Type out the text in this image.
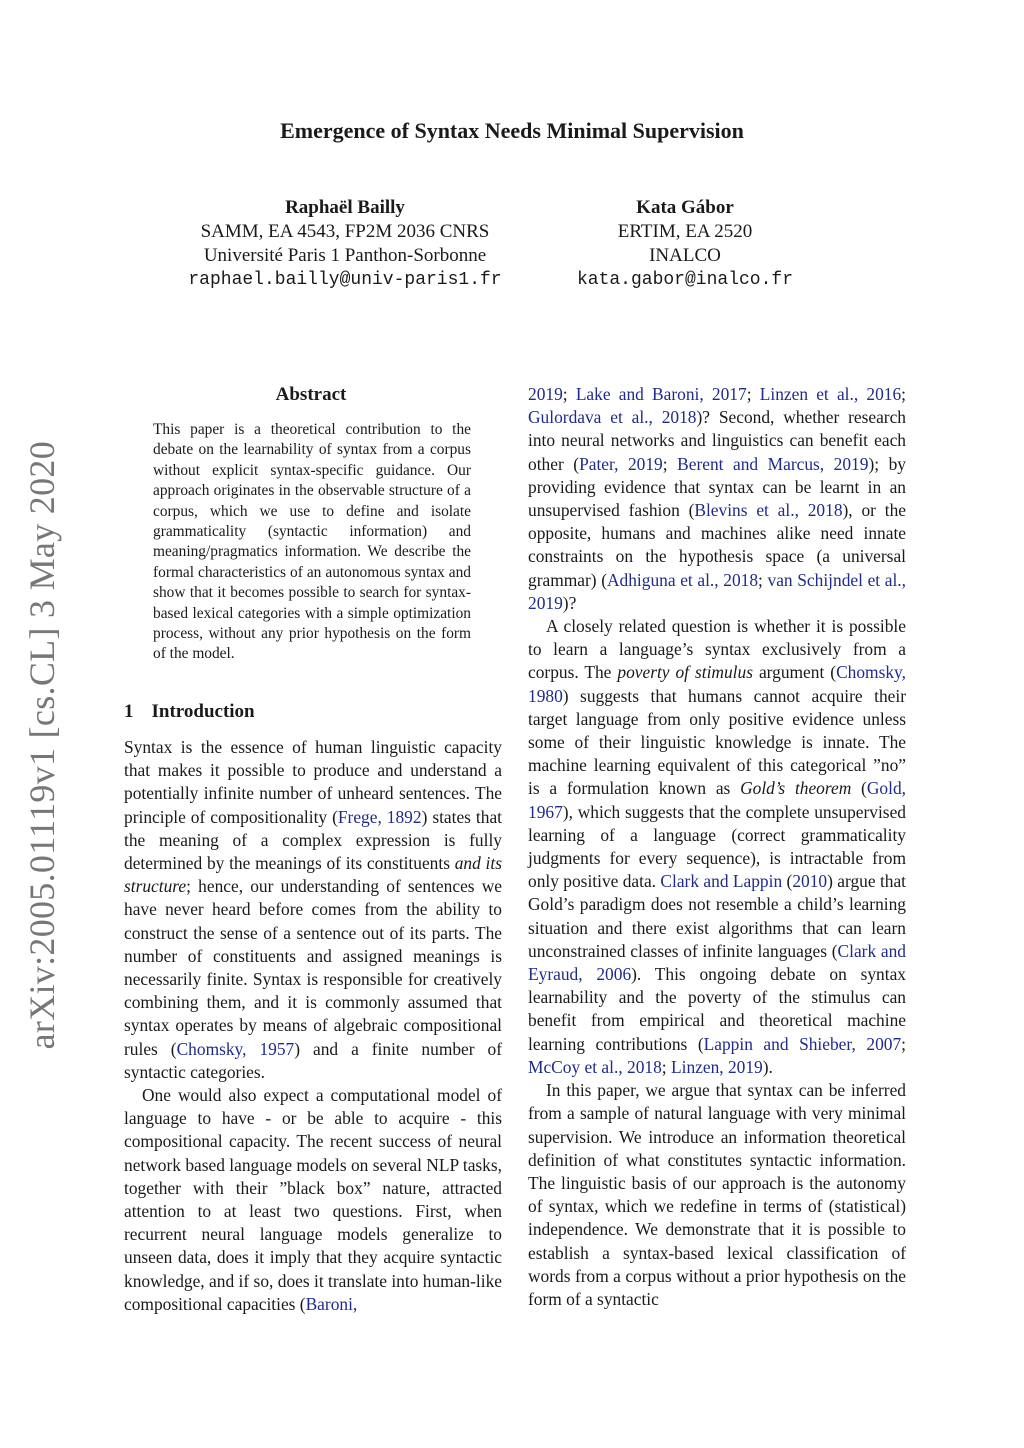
arXiv:2005.01119v1 [cs.CL] 3 May 2020
Emergence of Syntax Needs Minimal Supervision
Raphaël Bailly
SAMM, EA 4543, FP2M 2036 CNRS
Université Paris 1 Panthon-Sorbonne
raphael.bailly@univ-paris1.fr
Kata Gábor
ERTIM, EA 2520
INALCO
kata.gabor@inalco.fr
Abstract

This paper is a theoretical contribution to the debate on the learnability of syntax from a corpus without explicit syntax-specific guidance. Our approach originates in the observable structure of a corpus, which we use to define and isolate grammaticality (syntactic information) and meaning/pragmatics information. We describe the formal characteristics of an autonomous syntax and show that it becomes possible to search for syntax-based lexical categories with a simple optimization process, without any prior hypothesis on the form of the model.

1 Introduction

Syntax is the essence of human linguistic capacity that makes it possible to produce and understand a potentially infinite number of unheard sentences. The principle of compositionality (Frege, 1892) states that the meaning of a complex expression is fully determined by the meanings of its constituents and its structure; hence, our understanding of sentences we have never heard before comes from the ability to construct the sense of a sentence out of its parts. The number of constituents and assigned meanings is necessarily finite. Syntax is responsible for creatively combining them, and it is commonly assumed that syntax operates by means of algebraic compositional rules (Chomsky, 1957) and a finite number of syntactic categories.

One would also expect a computational model of language to have - or be able to acquire - this compositional capacity. The recent success of neural network based language models on several NLP tasks, together with their ”black box” nature, attracted attention to at least two questions. First, when recurrent neural language models generalize to unseen data, does it imply that they acquire syntactic knowledge, and if so, does it translate into human-like compositional capacities (Baroni,

2019; Lake and Baroni, 2017; Linzen et al., 2016; Gulordava et al., 2018)? Second, whether research into neural networks and linguistics can benefit each other (Pater, 2019; Berent and Marcus, 2019); by providing evidence that syntax can be learnt in an unsupervised fashion (Blevins et al., 2018), or the opposite, humans and machines alike need innate constraints on the hypothesis space (a universal grammar) (Adhiguna et al., 2018; van Schijndel et al., 2019)?

A closely related question is whether it is possible to learn a language’s syntax exclusively from a corpus. The poverty of stimulus argument (Chomsky, 1980) suggests that humans cannot acquire their target language from only positive evidence unless some of their linguistic knowledge is innate. The machine learning equivalent of this categorical ”no” is a formulation known as Gold’s theorem (Gold, 1967), which suggests that the complete unsupervised learning of a language (correct grammaticality judgments for every sequence), is intractable from only positive data. Clark and Lappin (2010) argue that Gold’s paradigm does not resemble a child’s learning situation and there exist algorithms that can learn unconstrained classes of infinite languages (Clark and Eyraud, 2006). This ongoing debate on syntax learnability and the poverty of the stimulus can benefit from empirical and theoretical machine learning contributions (Lappin and Shieber, 2007; McCoy et al., 2018; Linzen, 2019).

In this paper, we argue that syntax can be inferred from a sample of natural language with very minimal supervision. We introduce an information theoretical definition of what constitutes syntactic information. The linguistic basis of our approach is the autonomy of syntax, which we redefine in terms of (statistical) independence. We demonstrate that it is possible to establish a syntax-based lexical classification of words from a corpus without a prior hypothesis on the form of a syntactic
